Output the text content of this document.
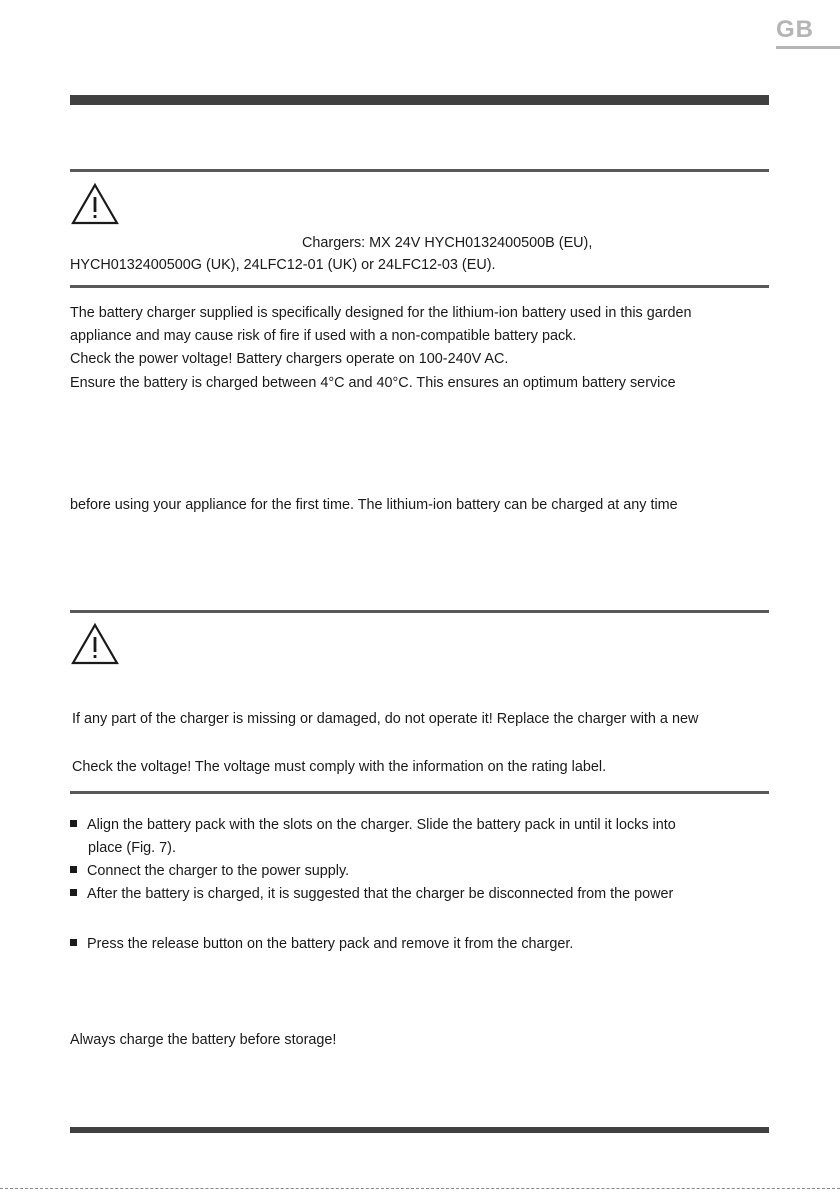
GB
Chargers: MX 24V HYCH0132400500B (EU),
HYCH0132400500G (UK), 24LFC12-01 (UK) or 24LFC12-03 (EU).
The battery charger supplied is specifically designed for the lithium-ion battery used in this garden
appliance and may cause risk of fire if used with a non-compatible battery pack.
Check the power voltage! Battery chargers operate on 100-240V AC.
Ensure the battery is charged between 4°C and 40°C. This ensures an optimum battery service
before using your appliance for the first time. The lithium-ion battery can be charged at any time
If any part of the charger is missing or damaged, do not operate it! Replace the charger with a new
Check the voltage! The voltage must comply with the information on the rating label.
Align the battery pack with the slots on the charger. Slide the battery pack in until it locks into
place (Fig. 7).
Connect the charger to the power supply.
After the battery is charged, it is suggested that the charger be disconnected from the power
Press the release button on the battery pack and remove it from the charger.
Always charge the battery before storage!
